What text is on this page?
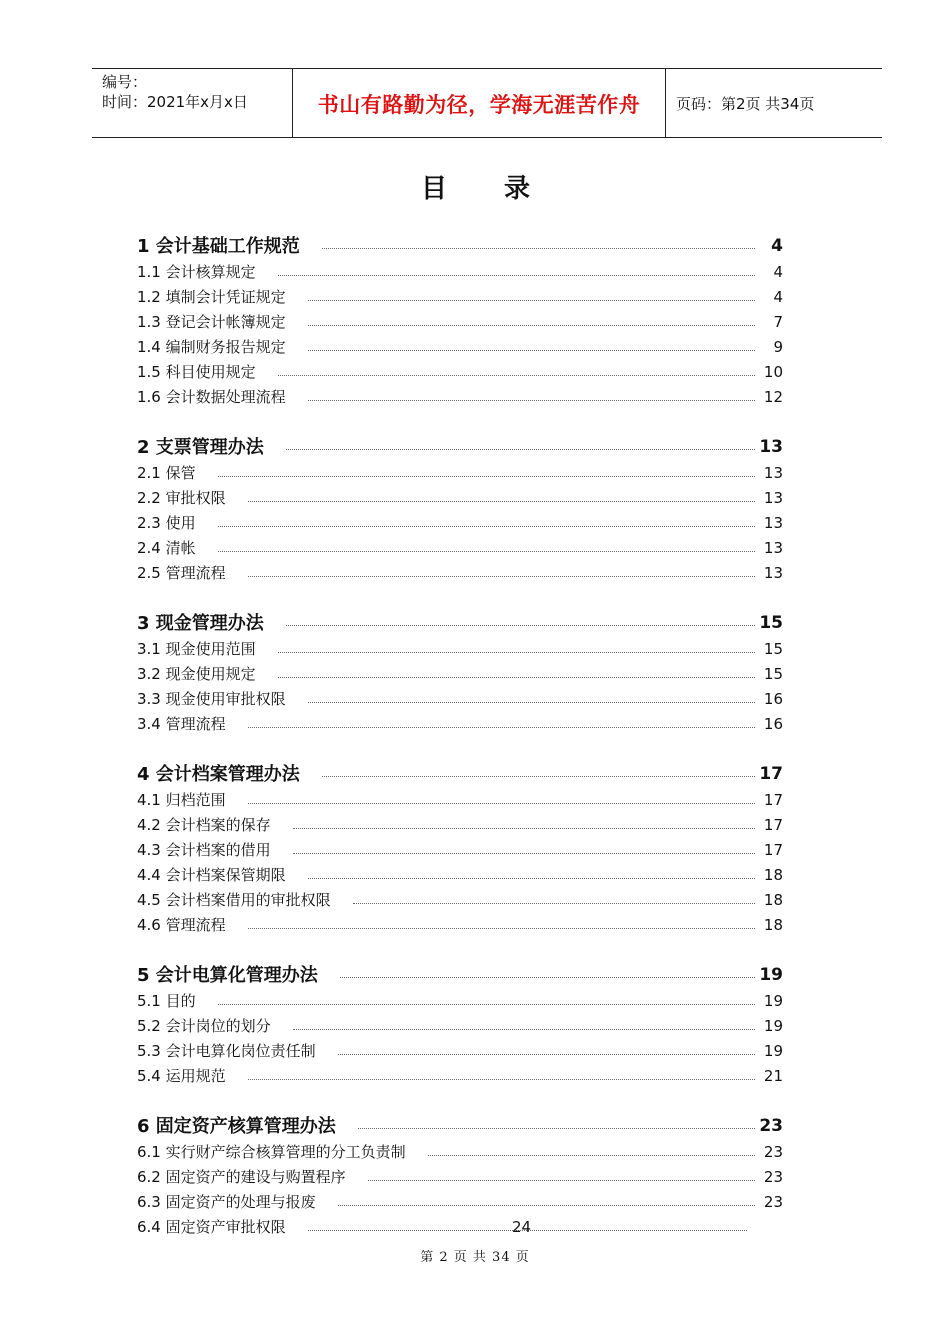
编号：
时间：2021年x月x日	书山有路勤为径，学海无涯苦作舟	页码：第2页 共34页
目 录
1 会计基础工作规范	4
1.1 会计核算规定	4
1.2 填制会计凭证规定	4
1.3 登记会计帐簿规定	7
1.4 编制财务报告规定	9
1.5 科目使用规定	10
1.6 会计数据处理流程	12
2 支票管理办法	13
2.1 保管	13
2.2 审批权限	13
2.3 使用	13
2.4 清帐	13
2.5 管理流程	13
3 现金管理办法	15
3.1 现金使用范围	15
3.2 现金使用规定	15
3.3 现金使用审批权限	16
3.4 管理流程	16
4 会计档案管理办法	17
4.1 归档范围	17
4.2 会计档案的保存	17
4.3 会计档案的借用	17
4.4 会计档案保管期限	18
4.5 会计档案借用的审批权限	18
4.6 管理流程	18
5 会计电算化管理办法	19
5.1 目的	19
5.2 会计岗位的划分	19
5.3 会计电算化岗位责任制	19
5.4 运用规范	21
6 固定资产核算管理办法	23
6.1 实行财产综合核算管理的分工负责制	23
6.2 固定资产的建设与购置程序	23
6.3 固定资产的处理与报废	23
6.4 固定资产审批权限	24
第 2 页 共 34 页
